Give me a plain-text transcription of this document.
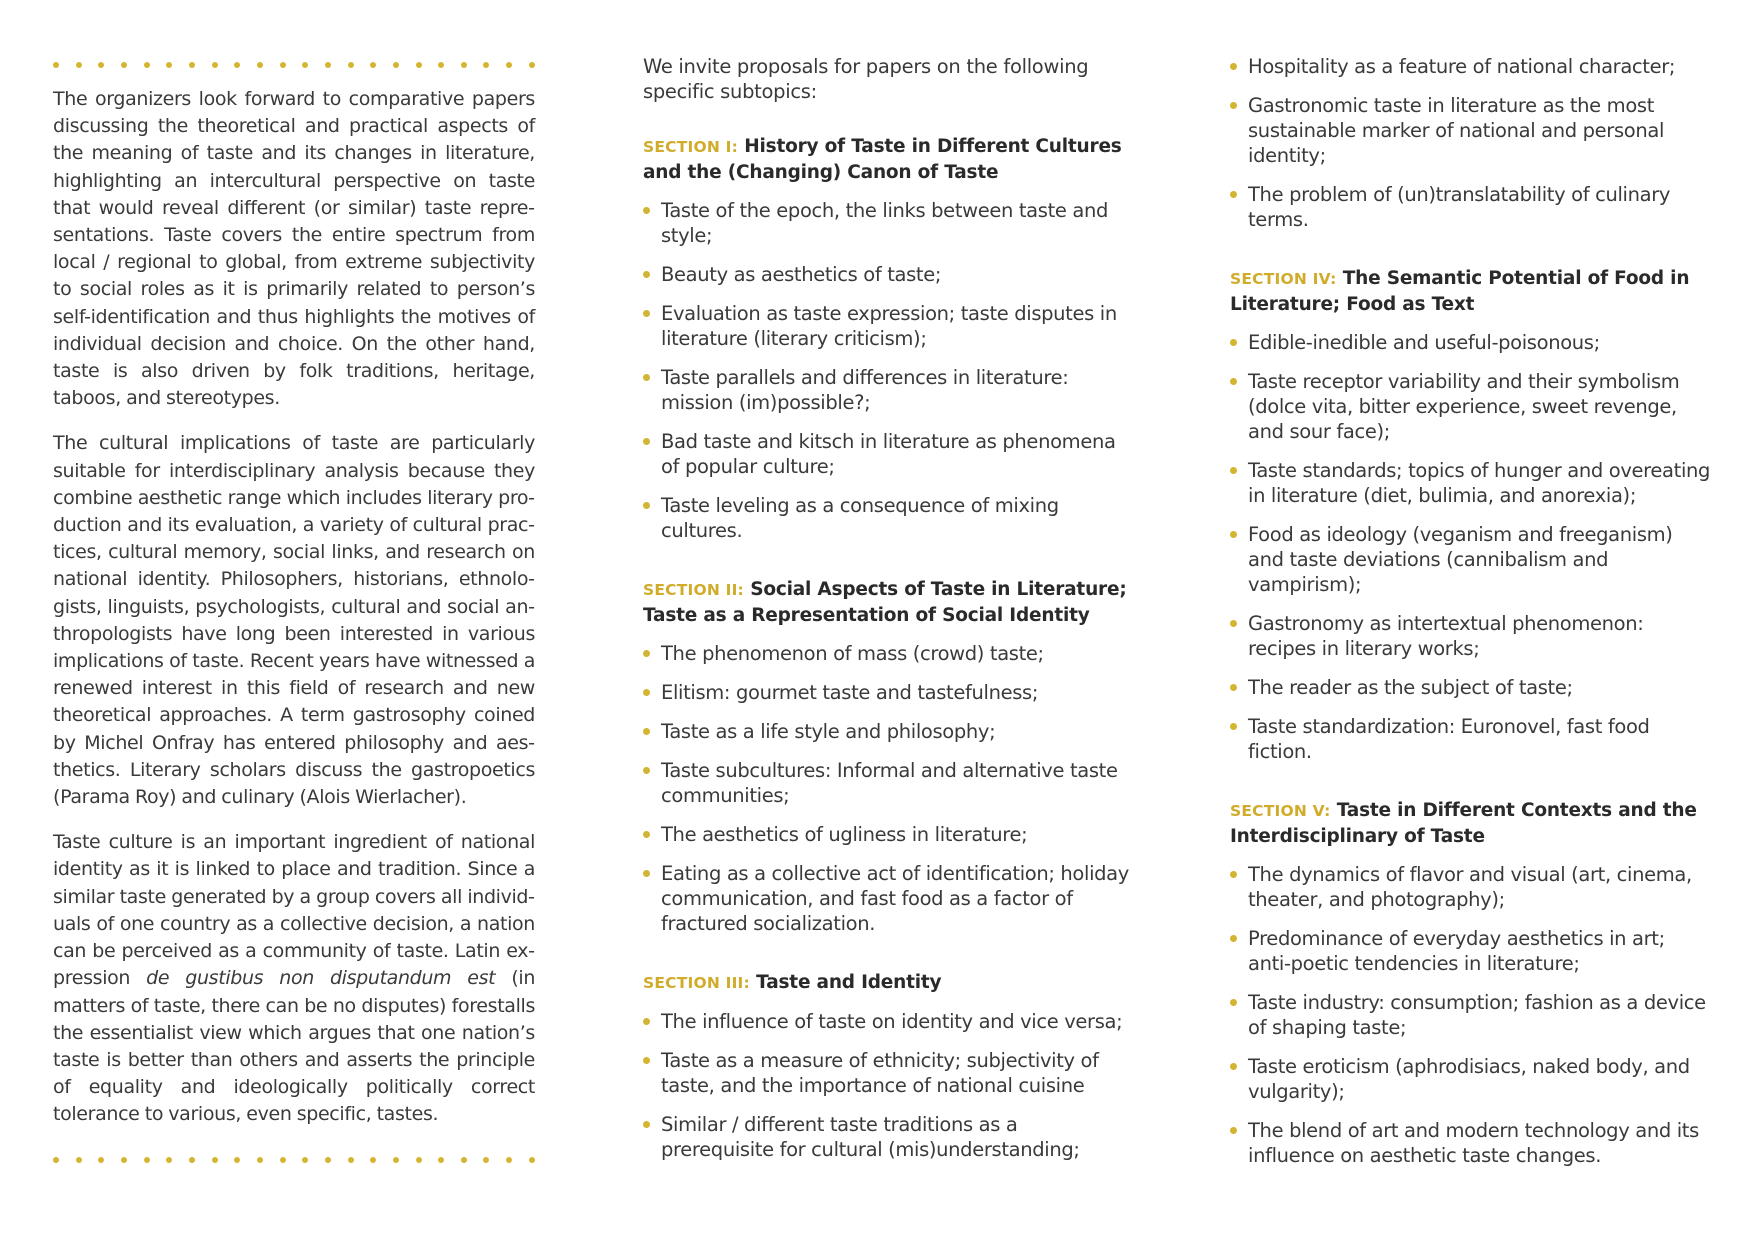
The organizers look forward to comparative papers discussing the theoretical and practical aspects of the meaning of taste and its changes in literature, highlighting an intercultural perspective on taste that would reveal different (or similar) taste representations. Taste covers the entire spectrum from local / regional to global, from extreme subjectivity to social roles as it is primarily related to person’s self-identification and thus highlights the motives of individual decision and choice. On the other hand, taste is also driven by folk traditions, heritage, taboos, and stereotypes.

The cultural implications of taste are particularly suitable for interdisciplinary analysis because they combine aesthetic range which includes literary production and its evaluation, a variety of cultural practices, cultural memory, social links, and research on national identity. Philosophers, historians, ethnologists, linguists, psychologists, cultural and social anthropologists have long been interested in various implications of taste. Recent years have witnessed a renewed interest in this field of research and new theoretical approaches. A term gastrosophy coined by Michel Onfray has entered philosophy and aesthetics. Literary scholars discuss the gastropoetics (Parama Roy) and culinary (Alois Wierlacher).

Taste culture is an important ingredient of national identity as it is linked to place and tradition. Since a similar taste generated by a group covers all individuals of one country as a collective decision, a nation can be perceived as a community of taste. Latin expression de gustibus non disputandum est (in matters of taste, there can be no disputes) forestalls the essentialist view which argues that one nation’s taste is better than others and asserts the principle of equality and ideologically politically correct tolerance to various, even specific, tastes.

We invite proposals for papers on the following specific subtopics:

SECTION I: History of Taste in Different Cultures and the (Changing) Canon of Taste

Taste of the epoch, the links between taste and style;
Beauty as aesthetics of taste;
Evaluation as taste expression; taste disputes in literature (literary criticism);
Taste parallels and differences in literature: mission (im)possible?;
Bad taste and kitsch in literature as phenomena of popular culture;
Taste leveling as a consequence of mixing cultures.

SECTION II: Social Aspects of Taste in Literature; Taste as a Representation of Social Identity

The phenomenon of mass (crowd) taste;
Elitism: gourmet taste and tastefulness;
Taste as a life style and philosophy;
Taste subcultures: Informal and alternative taste communities;
The aesthetics of ugliness in literature;
Eating as a collective act of identification; holiday communication, and fast food as a factor of fractured socialization.

SECTION III: Taste and Identity

The influence of taste on identity and vice versa;
Taste as a measure of ethnicity; subjectivity of taste, and the importance of national cuisine
Similar / different taste traditions as a prerequisite for cultural (mis)understanding;
Hospitality as a feature of national character;
Gastronomic taste in literature as the most sustainable marker of national and personal identity;
The problem of (un)translatability of culinary terms.

SECTION IV: The Semantic Potential of Food in Literature; Food as Text

Edible-inedible and useful-poisonous;
Taste receptor variability and their symbolism (dolce vita, bitter experience, sweet revenge, and sour face);
Taste standards; topics of hunger and overeating in literature (diet, bulimia, and anorexia);
Food as ideology (veganism and freeganism) and taste deviations (cannibalism and vampirism);
Gastronomy as intertextual phenomenon: recipes in literary works;
The reader as the subject of taste;
Taste standardization: Euronovel, fast food fiction.

SECTION V: Taste in Different Contexts and the Interdisciplinary of Taste

The dynamics of flavor and visual (art, cinema, theater, and photography);
Predominance of everyday aesthetics in art; anti-poetic tendencies in literature;
Taste industry: consumption; fashion as a device of shaping taste;
Taste eroticism (aphrodisiacs, naked body, and vulgarity);
The blend of art and modern technology and its influence on aesthetic taste changes.
